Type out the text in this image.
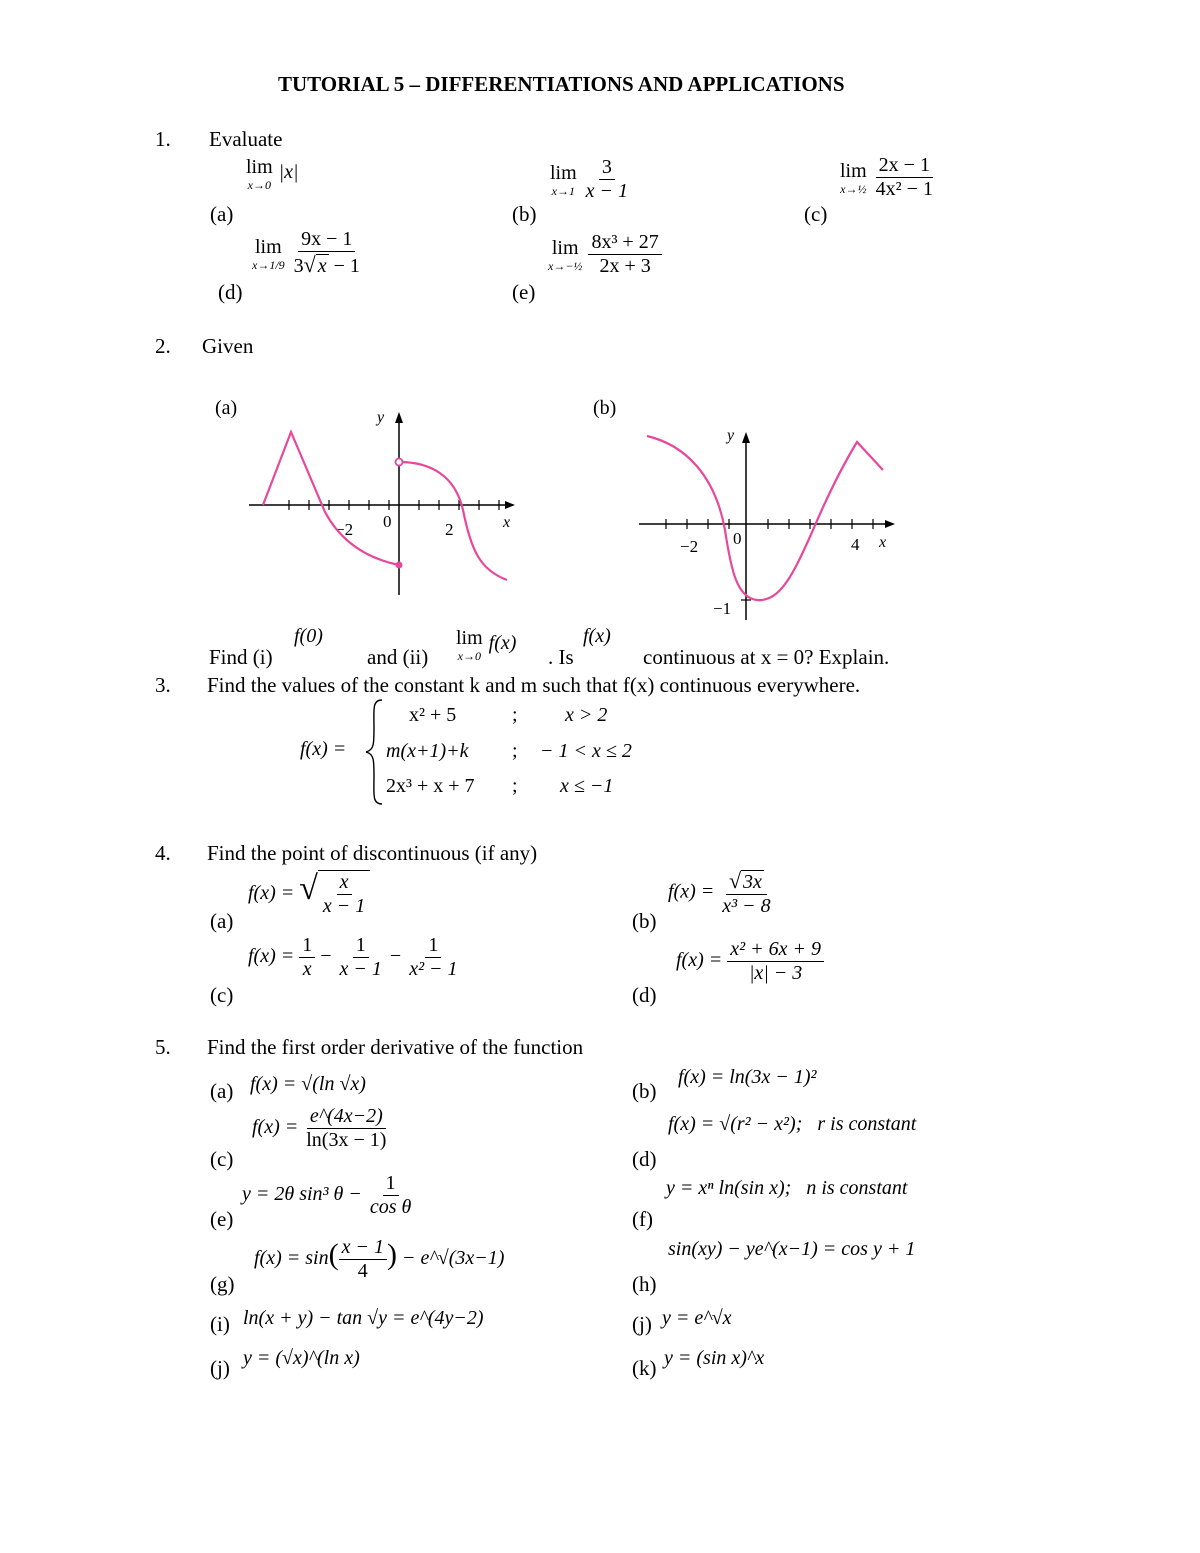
TUTORIAL 5 – DIFFERENTIATIONS AND APPLICATIONS
1. Evaluate
(a)
lim
x→0
|x|
(b)
lim
$x\to 1 \frac{3}{x - 1}$
(c)
lim
x→½ $\frac{2x - 1}{\text{4x² − 1}}$
(d)
lim
$x\to 1/9 \frac{9x - 1}{3√ x - 1}$
(e)
lim
x→−½ $\frac{\text{8x³ + 27}}{2x + 3}$
2. Given
(a)
−2 0	2	x
y	(b)
−2 0	4 x
y
−1
Find (i)
f(0)
and (ii)
lim
x→0
f(x)
. Is
f(x)
continuous at x = 0? Explain.
3. Find the values of the constant k and m such that f(x) continuous everywhere.
f(x) =
x² + 5	; x > 2
m(x+1)+k ; − 1 < x ≤ 2
2x³ + x + 7 ; x ≤ −1
4. Find the point of discontinuous (if any)
(a)
f(x) = √ $\frac{x}{x - 1}$
(b)
$f(x) = \frac{√ 3x}{\text{x³ − 8}}$
(c)
$f(x) = \frac{1}{x} - \frac{1}{x - 1} - \frac{1}{\text{x² − 1}}$
(d)
$f(x) = \frac{\text{x² + 6x + 9}}{|x| - 3}$
5. Find the first order derivative of the function
(a) f(x) = √(ln √x)	(b)
f(x) = ln(3x − 1)²
(c)
$f(x) = \frac{e\^{}(4x-2)}{\ln(3x - 1)}$
(d)
f(x) = √(r² − x²); r is constant
(e)
y = 2θ sin³ $\theta - \frac{1}{\text{cos θ}}$	(f)
y = xⁿ ln(sin x); n is constant
(g)
$f(x) = \sin( \frac{x - 1}{4}$ ) − e^√(3x−1)
(h)
sin(xy) − ye^(x−1) = cos y + 1
(i) ln(x + y) − tan √y = e^(4y−2)	(j) y = e^√x
(j) y = (√x)^(ln x)	(k) y = (sin x)^x
